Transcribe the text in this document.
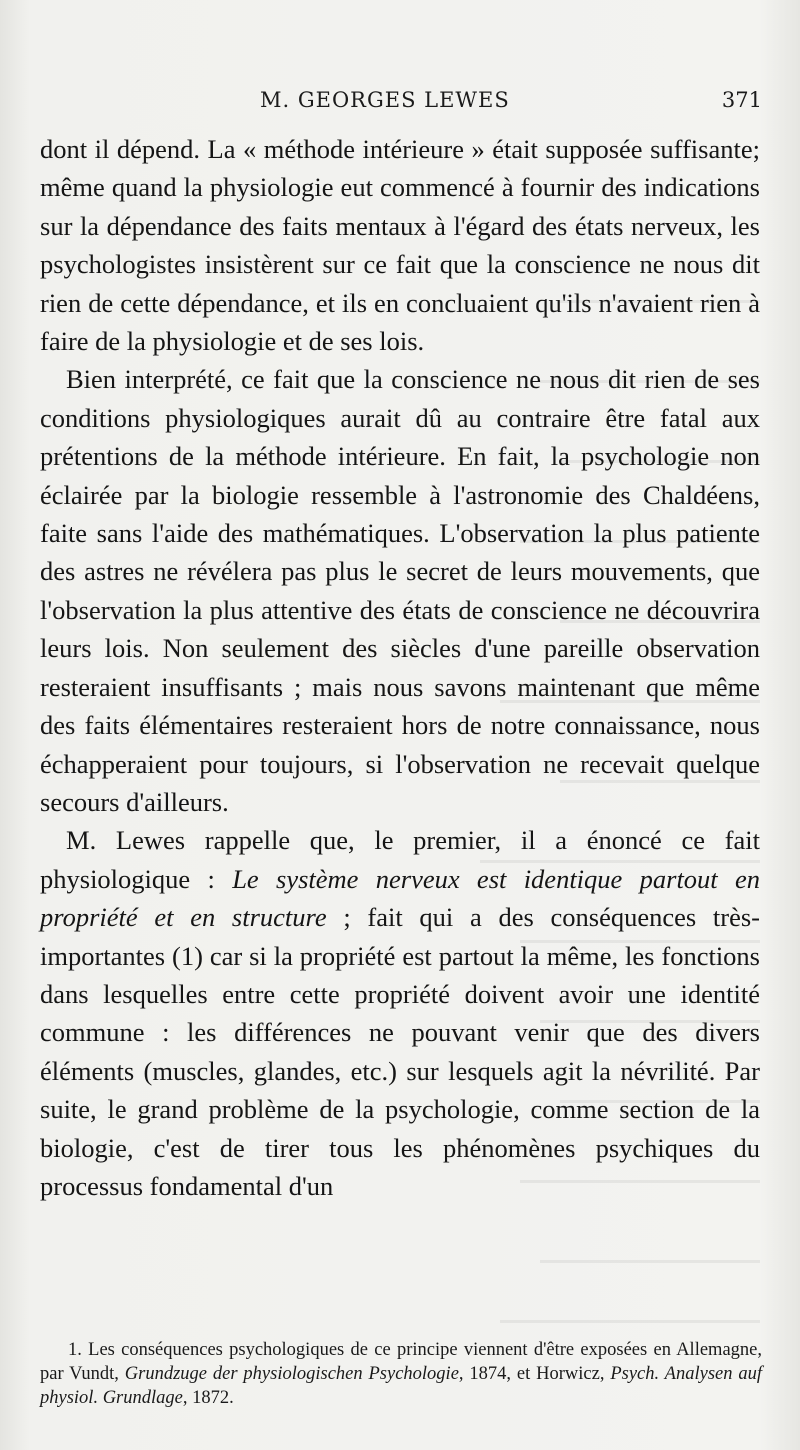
M. GEORGES LEWES	371

dont il dépend. La « méthode intérieure » était supposée suffisante; même quand la physiologie eut commencé à fournir des indications sur la dépendance des faits mentaux à l'égard des états nerveux, les psychologistes insistèrent sur ce fait que la conscience ne nous dit rien de cette dépendance, et ils en concluaient qu'ils n'avaient rien à faire de la physiologie et de ses lois.

Bien interprété, ce fait que la conscience ne nous dit rien de ses conditions physiologiques aurait dû au contraire être fatal aux prétentions de la méthode intérieure. En fait, la psychologie non éclairée par la biologie ressemble à l'astronomie des Chaldéens, faite sans l'aide des mathématiques. L'observation la plus patiente des astres ne révélera pas plus le secret de leurs mouvements, que l'observation la plus attentive des états de conscience ne découvrira leurs lois. Non seulement des siècles d'une pareille observation resteraient insuffisants ; mais nous savons maintenant que même des faits élémentaires resteraient hors de notre connaissance, nous échapperaient pour toujours, si l'observation ne recevait quelque secours d'ailleurs.

M. Lewes rappelle que, le premier, il a énoncé ce fait physiologique : Le système nerveux est identique partout en propriété et en structure ; fait qui a des conséquences très-importantes (1) car si la propriété est partout la même, les fonctions dans lesquelles entre cette propriété doivent avoir une identité commune : les différences ne pouvant venir que des divers éléments (muscles, glandes, etc.) sur lesquels agit la névrilité. Par suite, le grand problème de la psychologie, comme section de la biologie, c'est de tirer tous les phénomènes psychiques du processus fondamental d'un

1. Les conséquences psychologiques de ce principe viennent d'être exposées en Allemagne, par Vundt, Grundzuge der physiologischen Psychologie, 1874, et Horwicz, Psych. Analysen auf physiol. Grundlage, 1872.
